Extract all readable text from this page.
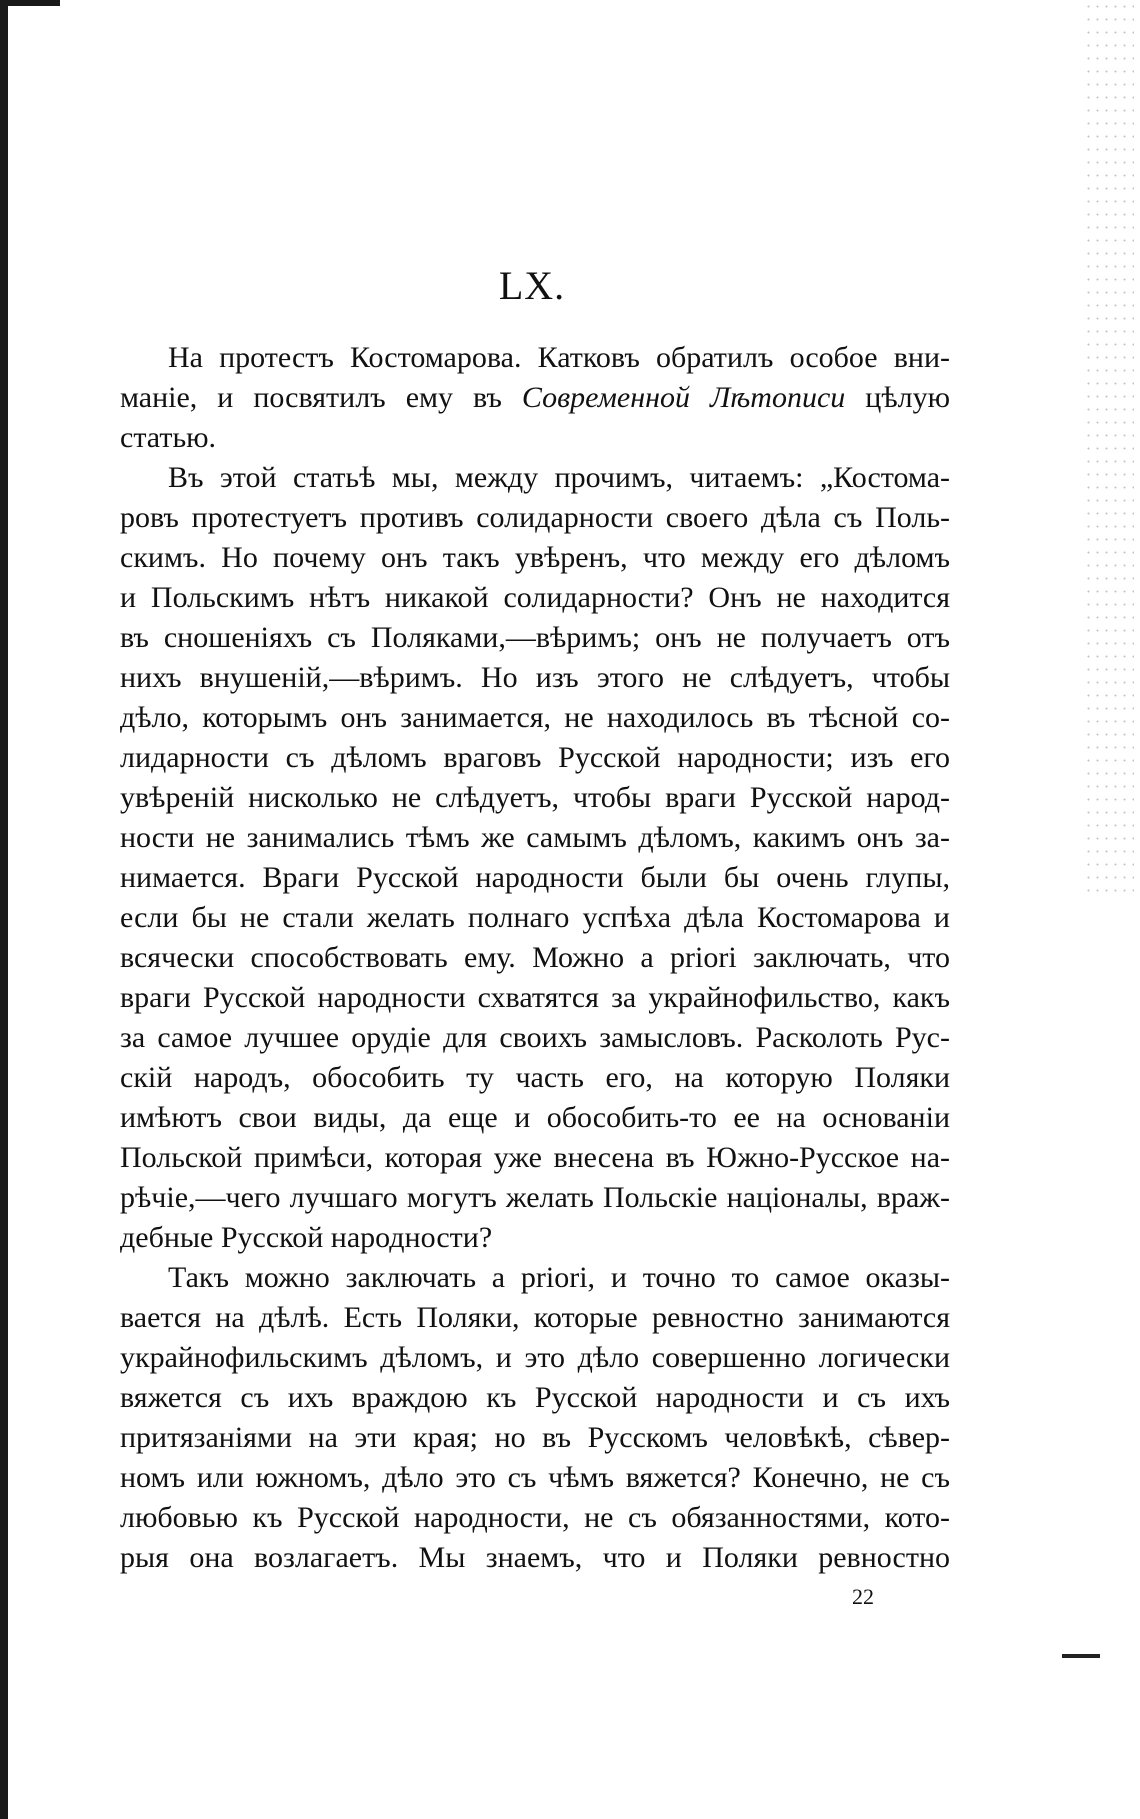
LX.
На протестъ Костомарова. Катковъ обратилъ особое вни-
маніе, и посвятилъ ему въ Современной Лѣтописи цѣлую
статью.
Въ этой статьѣ мы, между прочимъ, читаемъ: „Костома-
ровъ протестуетъ противъ солидарности своего дѣла съ Поль-
скимъ. Но почему онъ такъ увѣренъ, что между его дѣломъ
и Польскимъ нѣтъ никакой солидарности? Онъ не находится
въ сношеніяхъ съ Поляками,—вѣримъ; онъ не получаетъ отъ
нихъ внушеній,—вѣримъ. Но изъ этого не слѣдуетъ, чтобы
дѣло, которымъ онъ занимается, не находилось въ тѣсной со-
лидарности съ дѣломъ враговъ Русской народности; изъ его
увѣреній нисколько не слѣдуетъ, чтобы враги Русской народ-
ности не занимались тѣмъ же самымъ дѣломъ, какимъ онъ за-
нимается. Враги Русской народности были бы очень глупы,
если бы не стали желать полнаго успѣха дѣла Костомарова и
всячески способствовать ему. Можно a priori заключать, что
враги Русской народности схватятся за украйнофильство, какъ
за самое лучшее орудіе для своихъ замысловъ. Расколоть Рус-
скій народъ, обособить ту часть его, на которую Поляки
имѣютъ свои виды, да еще и обособить-то ее на основаніи
Польской примѣси, которая уже внесена въ Южно-Русское на-
рѣчіе,—чего лучшаго могутъ желать Польскіе націоналы, враж-
дебные Русской народности?
Такъ можно заключать a priori, и точно то самое оказы-
вается на дѣлѣ. Есть Поляки, которые ревностно занимаются
украйнофильскимъ дѣломъ, и это дѣло совершенно логически
вяжется съ ихъ враждою къ Русской народности и съ ихъ
притязаніями на эти края; но въ Русскомъ человѣкѣ, сѣвер-
номъ или южномъ, дѣло это съ чѣмъ вяжется? Конечно, не съ
любовью къ Русской народности, не съ обязанностями, кото-
рыя она возлагаетъ. Мы знаемъ, что и Поляки ревностно
22
